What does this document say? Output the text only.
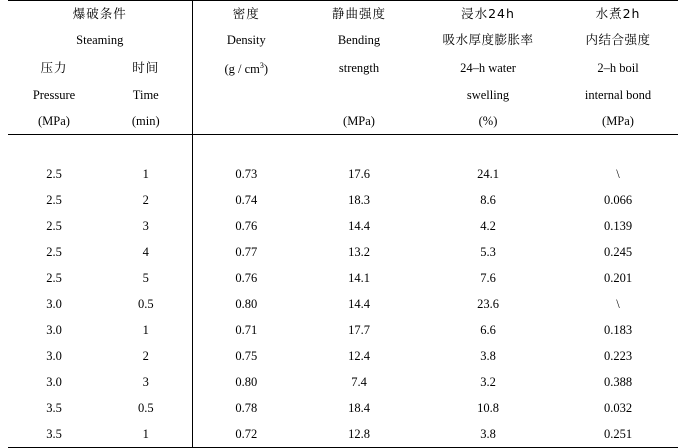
爆破条件		密度	静曲强度	浸水24h	水煮2h
Steaming		Density	Bending	吸水厚度膨胀率	内结合强度
压力	时间	$(g / cm^3)$	strength	24–h water	2–h boil
Pressure	Time			swelling	internal bond
(MPa)	(min)		(MPa)	(%)	(MPa)

2.5	1	0.73	17.6	24.1	\
2.5	2	0.74	18.3	8.6	0.066
2.5	3	0.76	14.4	4.2	0.139
2.5	4	0.77	13.2	5.3	0.245
2.5	5	0.76	14.1	7.6	0.201
3.0	0.5	0.80	14.4	23.6	\
3.0	1	0.71	17.7	6.6	0.183
3.0	2	0.75	12.4	3.8	0.223
3.0	3	0.80	7.4	3.2	0.388
3.5	0.5	0.78	18.4	10.8	0.032
3.5	1	0.72	12.8	3.8	0.251
